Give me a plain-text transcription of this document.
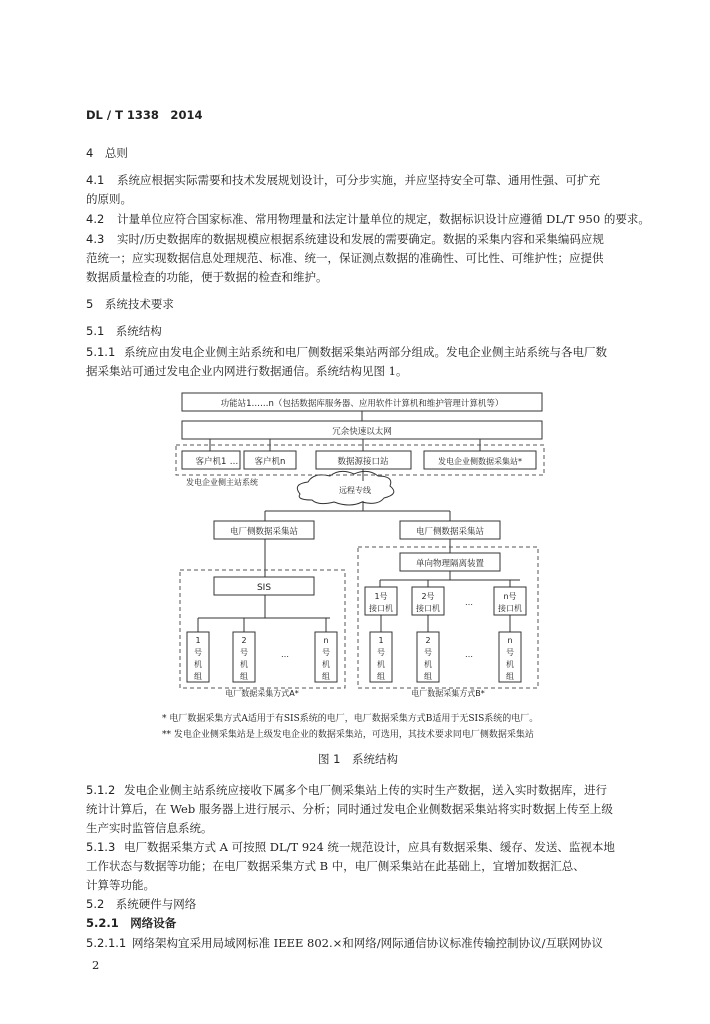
DL / T 1338　2014
4　总则
4.1 系统应根据实际需要和技术发展规划设计，可分步实施，并应坚持安全可靠、通用性强、可扩充
的原则。
4.2 计量单位应符合国家标准、常用物理量和法定计量单位的规定，数据标识设计应遵循 DL/T 950 的要求。
4.3 实时/历史数据库的数据规模应根据系统建设和发展的需要确定。数据的采集内容和采集编码应规
范统一；应实现数据信息处理规范、标准、统一，保证测点数据的准确性、可比性、可维护性；应提供
数据质量检查的功能，便于数据的检查和维护。
5　系统技术要求
5.1　系统结构
5.1.1 系统应由发电企业侧主站系统和电厂侧数据采集站两部分组成。发电企业侧主站系统与各电厂数
据采集站可通过发电企业内网进行数据通信。系统结构见图 1。
功能站1……n（包括数据库服务器、应用软件计算机和维护管理计算机等）
冗余快速以太网
客户机1 … 客户机n	数据源接口站	发电企业侧数据采集站*
发电企业侧主站系统
远程专线
电厂侧数据采集站	电厂侧数据采集站
单向物理隔离装置
SIS
1号
接口机
2号
接口机
…
n号
接口机
1
号
机
组
2
号
机
组
…
n
号
机
组
1
号
机
组
2
号
机
组
…
n
号
机
组
电厂数据采集方式A*	电厂数据采集方式B*
* 电厂数据采集方式A适用于有SIS系统的电厂，电厂数据采集方式B适用于无SIS系统的电厂。
** 发电企业侧采集站是上级发电企业的数据采集站，可选用，其技术要求同电厂侧数据采集站
图 1　系统结构
5.1.2 发电企业侧主站系统应接收下属多个电厂侧采集站上传的实时生产数据，送入实时数据库，进行
统计计算后，在 Web 服务器上进行展示、分析；同时通过发电企业侧数据采集站将实时数据上传至上级
生产实时监管信息系统。
5.1.3 电厂数据采集方式 A 可按照 DL/T 924 统一规范设计，应具有数据采集、缓存、发送、监视本地
工作状态与数据等功能；在电厂数据采集方式 B 中，电厂侧采集站在此基础上，宜增加数据汇总、
计算等功能。
5.2　系统硬件与网络
5.2.1　网络设备
5.2.1.1 网络架构宜采用局域网标准 IEEE 802.×和网络/网际通信协议标准传输控制协议/互联网协议
2
